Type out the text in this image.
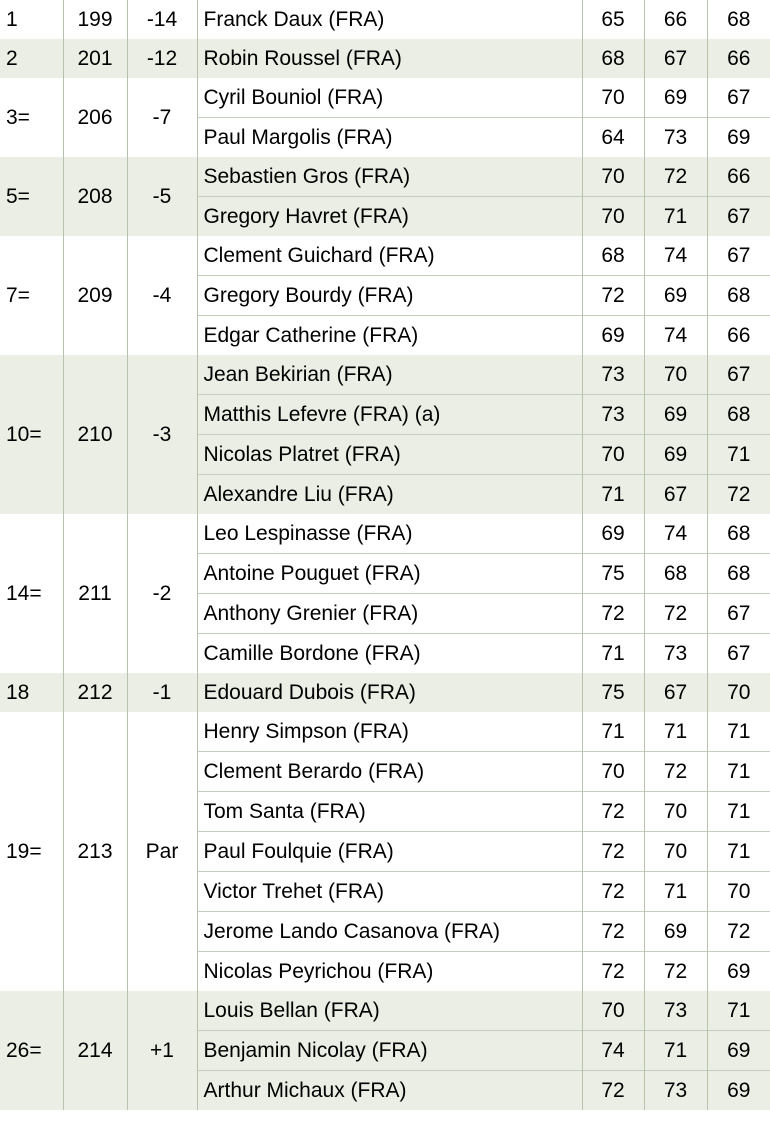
1	199	-14	Franck Daux (FRA)	65	66	68
2	201	-12	Robin Roussel (FRA)	68	67	66
3=	206	-7	Cyril Bouniol (FRA)	70	69	67
			Paul Margolis (FRA)	64	73	69
5=	208	-5	Sebastien Gros (FRA)	70	72	66
			Gregory Havret (FRA)	70	71	67
7=	209	-4	Clement Guichard (FRA)	68	74	67
			Gregory Bourdy (FRA)	72	69	68
			Edgar Catherine (FRA)	69	74	66
10=	210	-3	Jean Bekirian (FRA)	73	70	67
			Matthis Lefevre (FRA) (a)	73	69	68
			Nicolas Platret (FRA)	70	69	71
			Alexandre Liu (FRA)	71	67	72
14=	211	-2	Leo Lespinasse (FRA)	69	74	68
			Antoine Pouguet (FRA)	75	68	68
			Anthony Grenier (FRA)	72	72	67
			Camille Bordone (FRA)	71	73	67
18	212	-1	Edouard Dubois (FRA)	75	67	70
19=	213	Par	Henry Simpson (FRA)	71	71	71
			Clement Berardo (FRA)	70	72	71
			Tom Santa (FRA)	72	70	71
			Paul Foulquie (FRA)	72	70	71
			Victor Trehet (FRA)	72	71	70
			Jerome Lando Casanova (FRA)	72	69	72
			Nicolas Peyrichou (FRA)	72	72	69
26=	214	+1	Louis Bellan (FRA)	70	73	71
			Benjamin Nicolay (FRA)	74	71	69
			Arthur Michaux (FRA)	72	73	69
